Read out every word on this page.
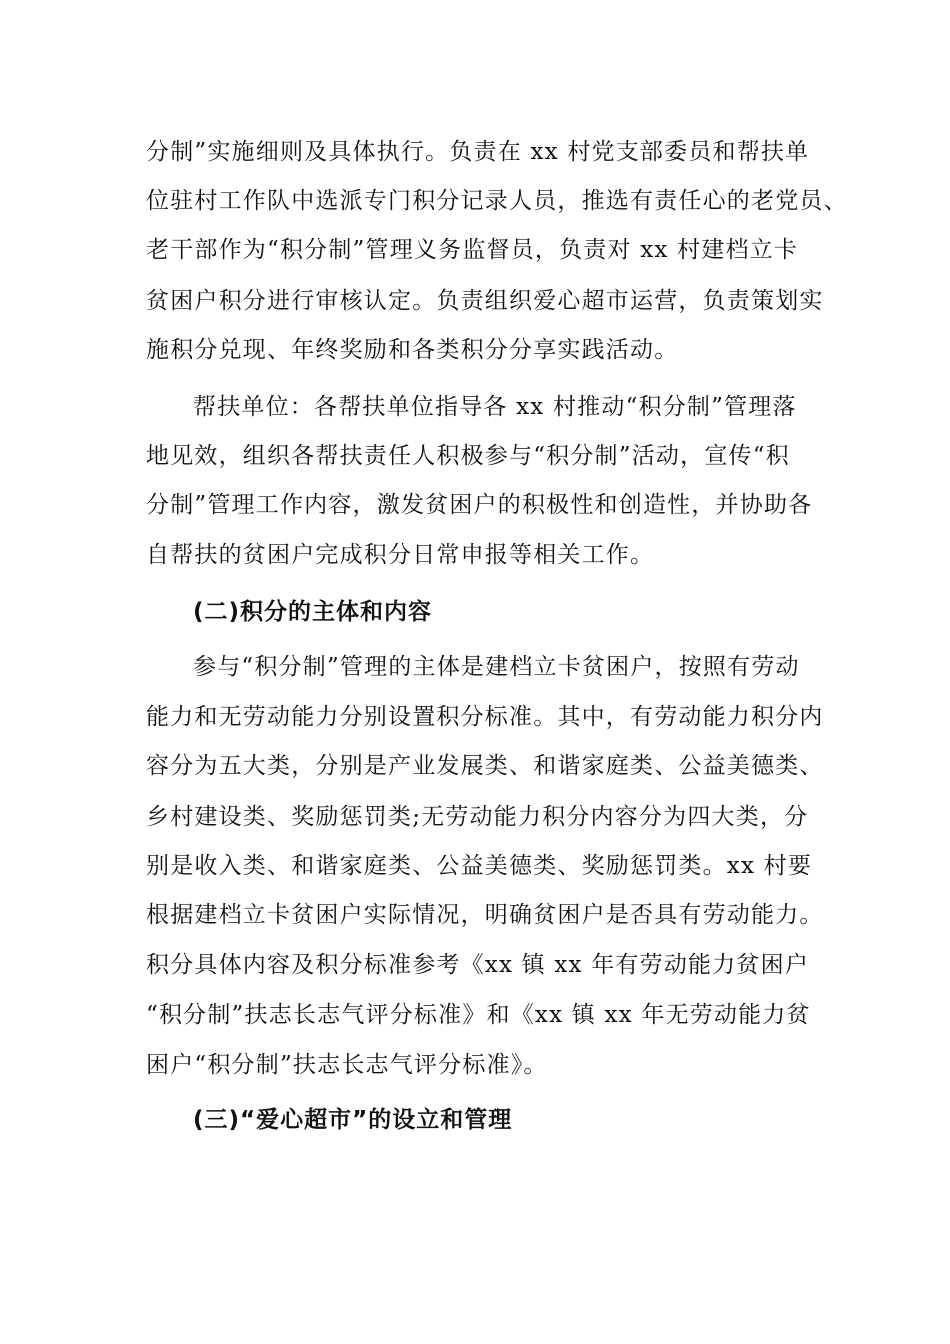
分制”实施细则及具体执行。负责在 xx 村党支部委员和帮扶单
位驻村工作队中选派专门积分记录人员，推选有责任心的老党员、
老干部作为“积分制”管理义务监督员，负责对 xx 村建档立卡
贫困户积分进行审核认定。负责组织爱心超市运营，负责策划实
施积分兑现、年终奖励和各类积分分享实践活动。
帮扶单位：各帮扶单位指导各 xx 村推动“积分制”管理落
地见效，组织各帮扶责任人积极参与“积分制”活动，宣传“积
分制”管理工作内容，激发贫困户的积极性和创造性，并协助各
自帮扶的贫困户完成积分日常申报等相关工作。
(二)积分的主体和内容
参与“积分制”管理的主体是建档立卡贫困户，按照有劳动
能力和无劳动能力分别设置积分标准。其中，有劳动能力积分内
容分为五大类，分别是产业发展类、和谐家庭类、公益美德类、
乡村建设类、奖励惩罚类;无劳动能力积分内容分为四大类，分
别是收入类、和谐家庭类、公益美德类、奖励惩罚类。xx 村要
根据建档立卡贫困户实际情况，明确贫困户是否具有劳动能力。
积分具体内容及积分标准参考《xx 镇 xx 年有劳动能力贫困户
“积分制”扶志长志气评分标准》和《xx 镇 xx 年无劳动能力贫
困户“积分制”扶志长志气评分标准》。
(三)“爱心超市”的设立和管理
